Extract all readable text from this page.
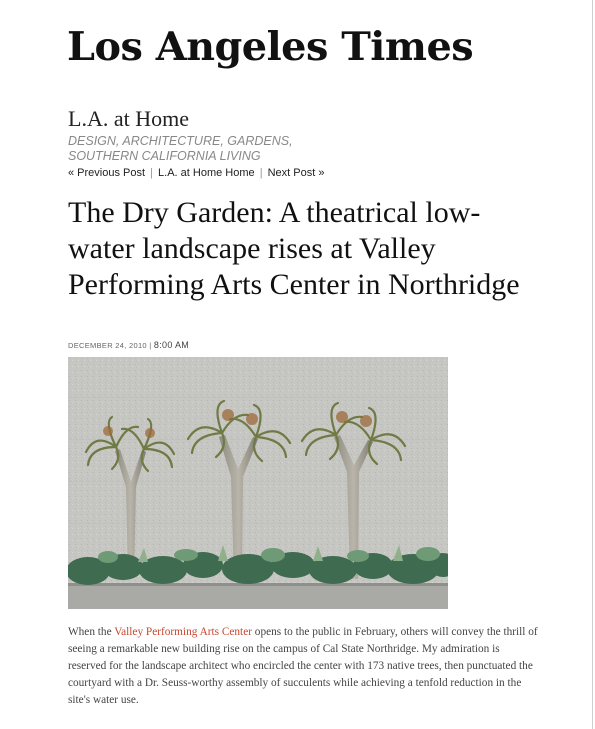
Los Angeles Times
L.A. at Home
DESIGN, ARCHITECTURE, GARDENS,
SOUTHERN CALIFORNIA LIVING
« Previous Post | L.A. at Home Home | Next Post »
The Dry Garden: A theatrical low-water landscape rises at Valley Performing Arts Center in Northridge
DECEMBER 24, 2010 | 8:00 AM

When the Valley Performing Arts Center opens to the public in February, others will convey the thrill of seeing a remarkable new building rise on the campus of Cal State Northridge. My admiration is reserved for the landscape architect who encircled the center with 173 native trees, then punctuated the courtyard with a Dr. Seuss-worthy assembly of succulents while achieving a tenfold reduction in the site's water use.
